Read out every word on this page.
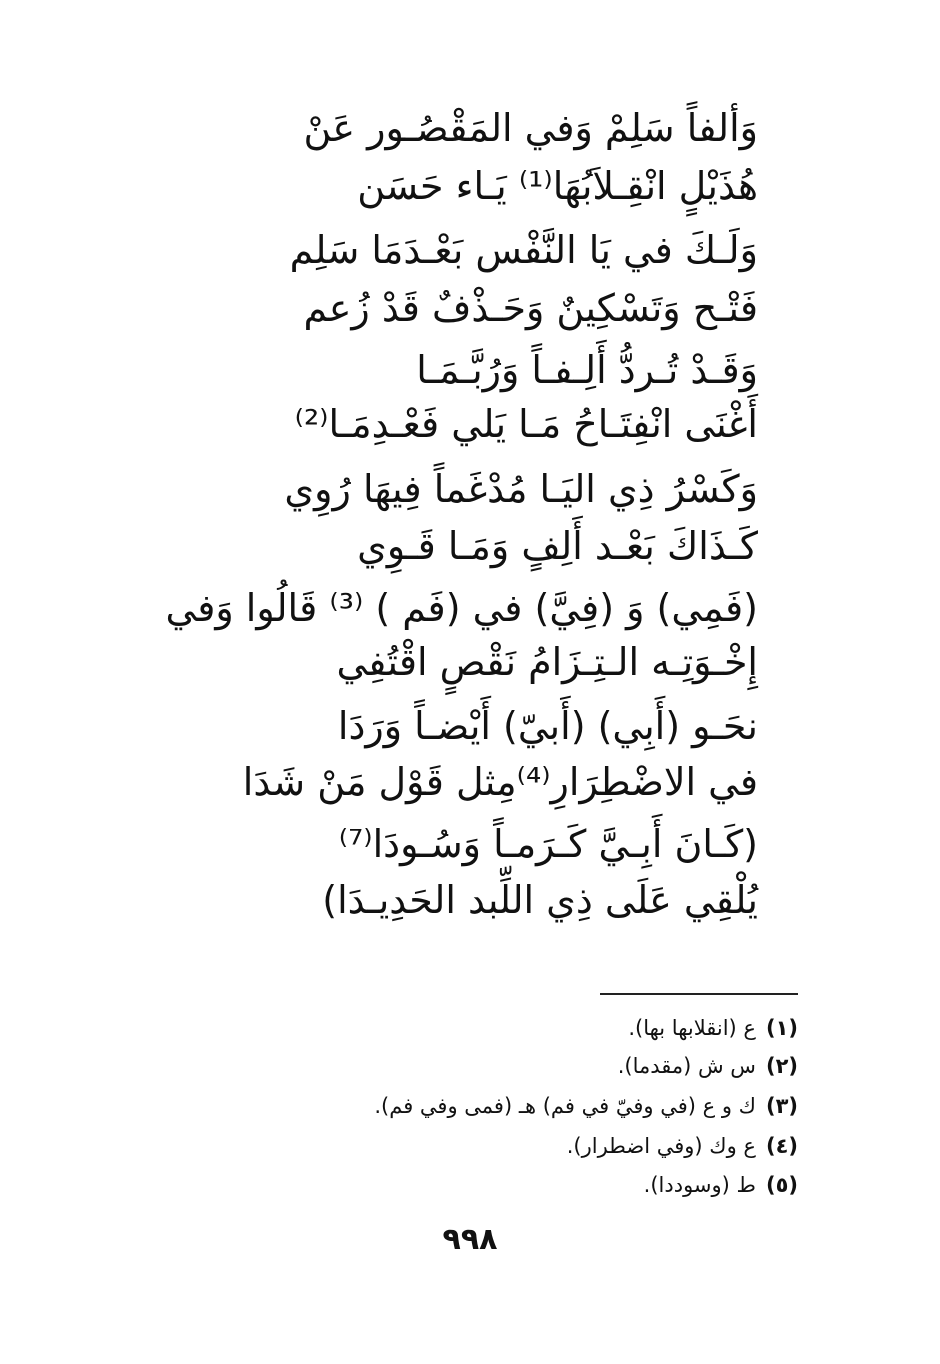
وَألفاً سَلِمْ وَفي المَقْصُـور عَنْ
هُذَيْلٍ انْقِـلاَبُهَا⁽¹⁾ يَـاء حَسَن
وَلَـكَ في يَا النَّفْس بَعْـدَمَا سَلِم
فَتْـح وَتَسْكِينٌ وَحَـذْفٌ قَدْ زُعم
وَقَـدْ تُـردُّ أَلِـفـاً وَرُبَّـمَـا
أَغْنَى انْفِتَـاحُ مَـا يَلي فَعْـدِمَـا⁽²⁾
وَكَسْرُ ذِي اليَـا مُدْغَماً فِيهَا رُوِي
كَـذَاكَ بَعْـد أَلِفٍ وَمَـا قَـوِي
(فَمِي) وَ (فِيَّ) في (فَم ) ⁽³⁾ قَالُوا وَفي
إِخْـوَتِـه الـتِـزَامُ نَقْصٍ اقْتُفِي
نحَـو (أَبِي) (أَبيّ) أَيْضـاً وَرَدَا
في الاضْطِرَارِ⁽⁴⁾مِثل قَوْل مَنْ شَدَا
(كَـانَ أَبِـيَّ كَـرَمـاً وَسُـودَا⁽⁷⁾
يُلْقِي عَلَى ذِي اللِّبد الحَدِيـدَا)
(١)ع (انقلابها بها).
(٢)س ش (مقدما).
(٣)ك و ع (في وفيّ في فم) هـ (فمى وفي فم).
(٤)ع وك (وفي اضطرار).
(٥)ط (وسوددا).
٩٩٨
